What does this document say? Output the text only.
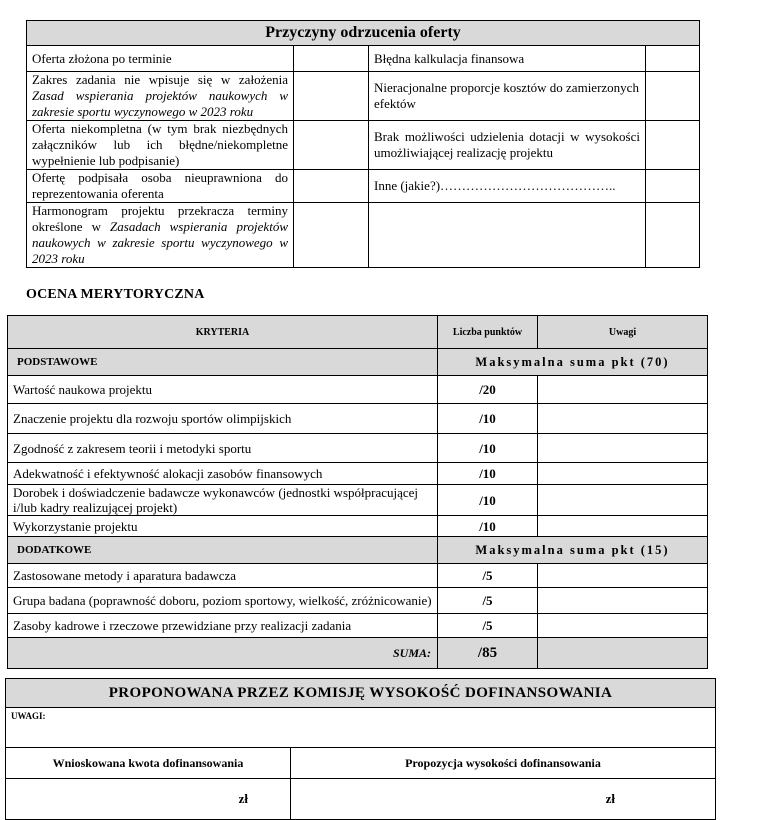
Przyczyny odrzucenia oferty			
Oferta złożona po terminie		Błędna kalkulacja finansowa	
Zakres zadania nie wpisuje się w założenia Zasad wspierania projektów naukowych w zakresie sportu wyczynowego w 2023 roku		Nieracjonalne proporcje kosztów do zamierzonych efektów	
Oferta niekompletna (w tym brak niezbędnych załączników lub ich błędne/niekompletne wypełnienie lub podpisanie)		Brak możliwości udzielenia dotacji w wysokości umożliwiającej realizację projektu	
Ofertę podpisała osoba nieuprawniona do reprezentowania oferenta		Inne (jakie?)…………………………………..	
Harmonogram projektu przekracza terminy określone w Zasadach wspierania projektów naukowych w zakresie sportu wyczynowego w 2023 roku			
OCENA MERYTORYCZNA
KRYTERIA	Liczba punktów	Uwagi
PODSTAWOWE	Maksymalna suma pkt (70)	
Wartość naukowa projektu	/20	
Znaczenie projektu dla rozwoju sportów olimpijskich	/10	
Zgodność z zakresem teorii i metodyki sportu	/10	
Adekwatność i efektywność alokacji zasobów finansowych	/10	
Dorobek i doświadczenie badawcze wykonawców (jednostki współpracującej i/lub kadry realizującej projekt)	/10	
Wykorzystanie projektu	/10	
DODATKOWE	Maksymalna suma pkt (15)	
Zastosowane metody i aparatura badawcza	/5	
Grupa badana (poprawność doboru, poziom sportowy, wielkość, zróżnicowanie)	/5	
Zasoby kadrowe i rzeczowe przewidziane przy realizacji zadania	/5	
SUMA:	/85	
PROPONOWANA PRZEZ KOMISJĘ WYSOKOŚĆ DOFINANSOWANIA	
UWAGI:	
Wnioskowana kwota dofinansowania	Propozycja wysokości dofinansowania
zł	zł
